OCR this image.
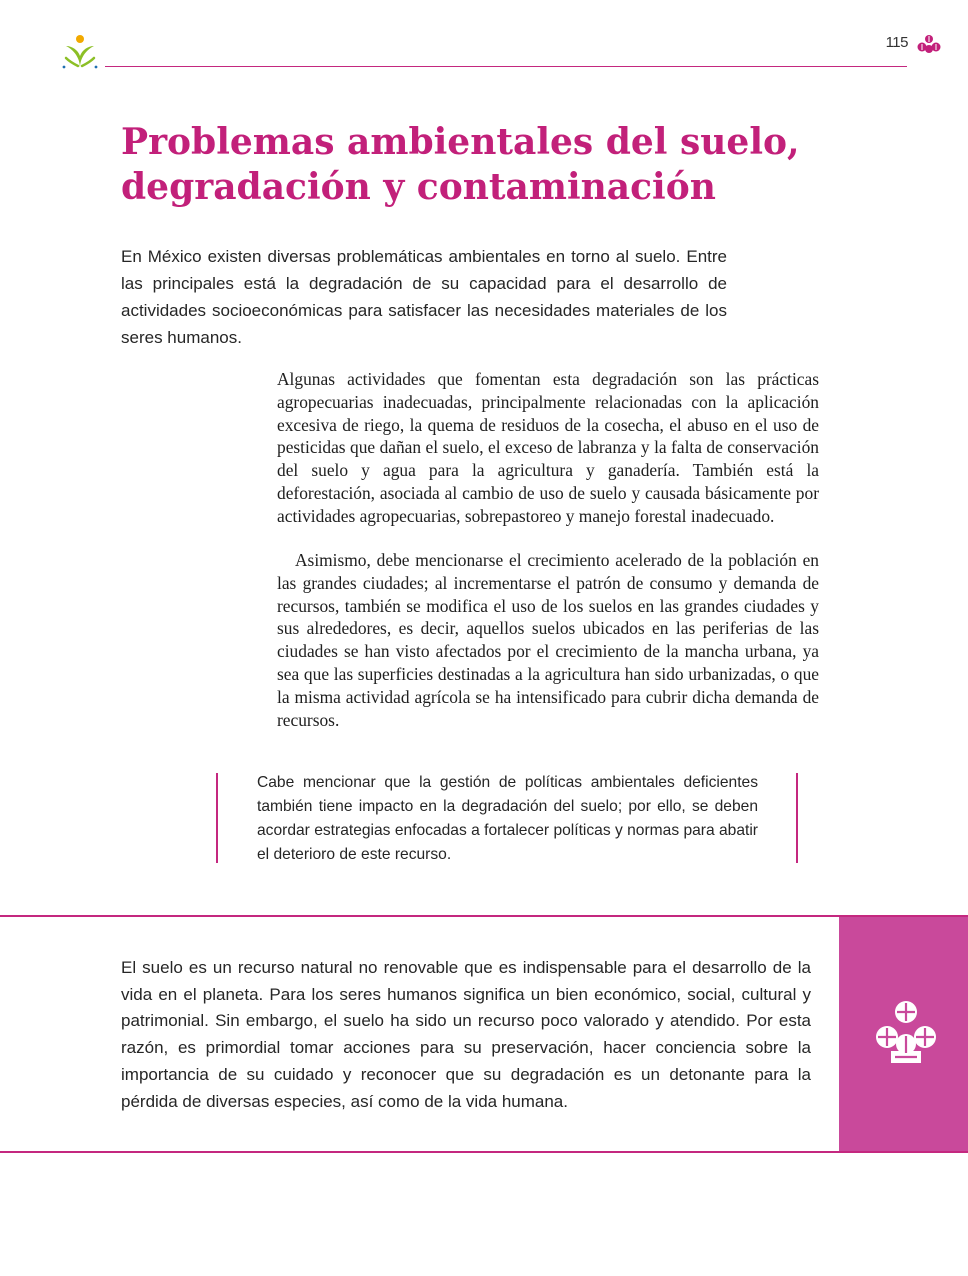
115
Problemas ambientales del suelo, degradación y contaminación

En México existen diversas problemáticas ambientales en torno al suelo. Entre las principales está la degradación de su capacidad para el desarrollo de actividades socioeconómicas para satisfacer las necesidades materiales de los seres humanos.

Algunas actividades que fomentan esta degradación son las prácticas agropecuarias inadecuadas, principalmente relacionadas con la aplicación excesiva de riego, la quema de residuos de la cosecha, el abuso en el uso de pesticidas que dañan el suelo, el exceso de labranza y la falta de conservación del suelo y agua para la agricultura y ganadería. También está la deforestación, asociada al cambio de uso de suelo y causada básicamente por actividades agropecuarias, sobrepastoreo y manejo forestal inadecuado.

Asimismo, debe mencionarse el crecimiento acelerado de la población en las grandes ciudades; al incrementarse el patrón de consumo y demanda de recursos, también se modifica el uso de los suelos en las grandes ciudades y sus alrededores, es decir, aquellos suelos ubicados en las periferias de las ciudades se han visto afectados por el crecimiento de la mancha urbana, ya sea que las superficies destinadas a la agricultura han sido urbanizadas, o que la misma actividad agrícola se ha intensificado para cubrir dicha demanda de recursos.

Cabe mencionar que la gestión de políticas ambientales deficientes también tiene impacto en la degradación del suelo; por ello, se deben acordar estrategias enfocadas a fortalecer políticas y normas para abatir el deterioro de este recurso.

El suelo es un recurso natural no renovable que es indispensable para el desarrollo de la vida en el planeta. Para los seres humanos significa un bien económico, social, cultural y patrimonial. Sin embargo, el suelo ha sido un recurso poco valorado y atendido. Por esta razón, es primordial tomar acciones para su preservación, hacer conciencia sobre la importancia de su cuidado y reconocer que su degradación es un detonante para la pérdida de diversas especies, así como de la vida humana.
